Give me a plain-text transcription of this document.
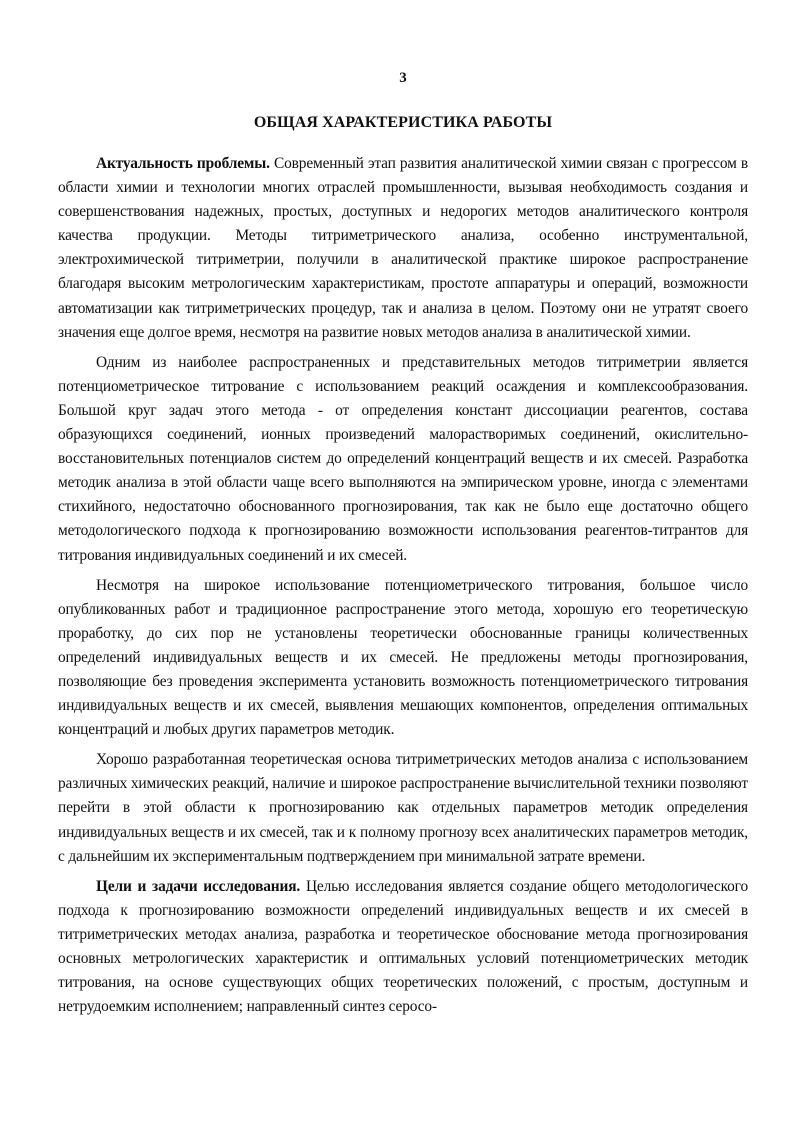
3
ОБЩАЯ ХАРАКТЕРИСТИКА РАБОТЫ

Актуальность проблемы. Современный этап развития аналитической химии связан с прогрессом в области химии и технологии многих отраслей промышленности, вызывая необходимость создания и совершенствования надежных, простых, доступных и недорогих методов аналитического контроля качества продукции. Методы титриметрического анализа, особенно инструментальной, электрохимической титриметрии, получили в аналитической практике широкое распространение благодаря высоким метрологическим характеристикам, простоте аппаратуры и операций, возможности автоматизации как титриметрических процедур, так и анализа в целом. Поэтому они не утратят своего значения еще долгое время, несмотря на развитие новых методов анализа в аналитической химии.

Одним из наиболее распространенных и представительных методов титриметрии является потенциометрическое титрование с использованием реакций осаждения и комплексообразования. Большой круг задач этого метода - от определения констант диссоциации реагентов, состава образующихся соединений, ионных произведений малорастворимых соединений, окислительно-восстановительных потенциалов систем до определений концентраций веществ и их смесей. Разработка методик анализа в этой области чаще всего выполняются на эмпирическом уровне, иногда с элементами стихийного, недостаточно обоснованного прогнозирования, так как не было еще достаточно общего методологического подхода к прогнозированию возможности использования реагентов-титрантов для титрования индивидуальных соединений и их смесей.

Несмотря на широкое использование потенциометрического титрования, большое число опубликованных работ и традиционное распространение этого метода, хорошую его теоретическую проработку, до сих пор не установлены теоретически обоснованные границы количественных определений индивидуальных веществ и их смесей. Не предложены методы прогнозирования, позволяющие без проведения эксперимента установить возможность потенциометрического титрования индивидуальных веществ и их смесей, выявления мешающих компонентов, определения оптимальных концентраций и любых других параметров методик.

Хорошо разработанная теоретическая основа титриметрических методов анализа с использованием различных химических реакций, наличие и широкое распространение вычислительной техники позволяют перейти в этой области к прогнозированию как отдельных параметров методик определения индивидуальных веществ и их смесей, так и к полному прогнозу всех аналитических параметров методик, с дальнейшим их экспериментальным подтверждением при минимальной затрате времени.

Цели и задачи исследования. Целью исследования является создание общего методологического подхода к прогнозированию возможности определений индивидуальных веществ и их смесей в титриметрических методах анализа, разработка и теоретическое обоснование метода прогнозирования основных метрологических характеристик и оптимальных условий потенциометрических методик титрования, на основе существующих общих теоретических положений, с простым, доступным и нетрудоемким исполнением; направленный синтез серосо-
